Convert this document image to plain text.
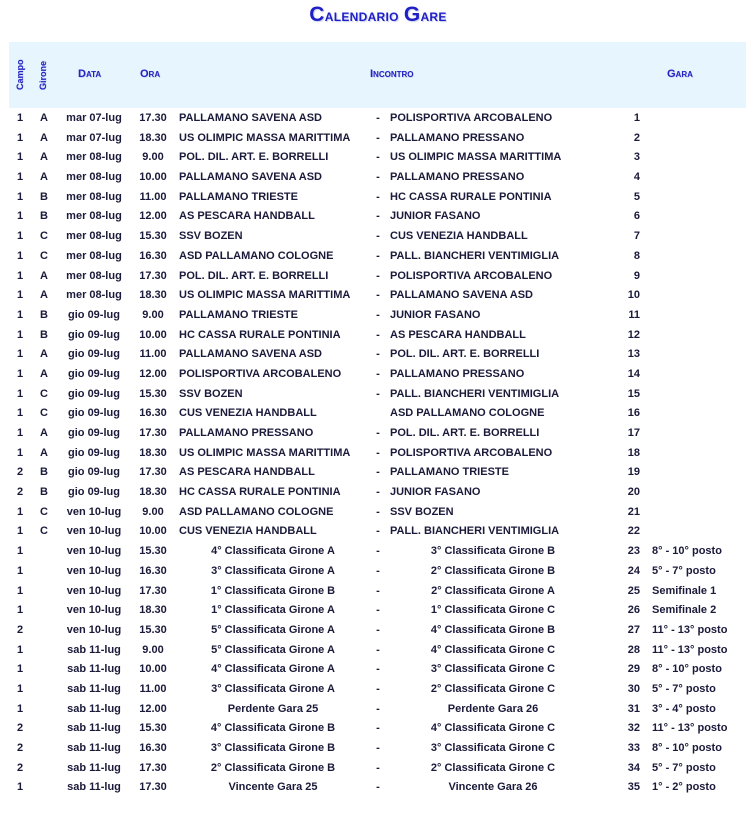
Calendario Gare
Campo Girone	Data	Ora	Incontro	Gara
1 A	mar 07-lug	17.30	PALLAMANO SAVENA ASD	- POLISPORTIVA ARCOBALENO	1
1 A	mar 07-lug	18.30	US OLIMPIC MASSA MARITTIMA	- PALLAMANO PRESSANO	2
1 A	mer 08-lug	9.00	POL. DIL. ART. E. BORRELLI	- US OLIMPIC MASSA MARITTIMA	3
1 A	mer 08-lug	10.00	PALLAMANO SAVENA ASD	- PALLAMANO PRESSANO	4
1 B	mer 08-lug	11.00	PALLAMANO TRIESTE	- HC CASSA RURALE PONTINIA	5
1 B	mer 08-lug	12.00	AS PESCARA HANDBALL	- JUNIOR FASANO	6
1 C	mer 08-lug	15.30	SSV BOZEN	- CUS VENEZIA HANDBALL	7
1 C	mer 08-lug	16.30	ASD PALLAMANO COLOGNE	- PALL. BIANCHERI VENTIMIGLIA	8
1 A	mer 08-lug	17.30	POL. DIL. ART. E. BORRELLI	- POLISPORTIVA ARCOBALENO	9
1 A	mer 08-lug	18.30	US OLIMPIC MASSA MARITTIMA	- PALLAMANO SAVENA ASD	10
1 B	gio 09-lug	9.00	PALLAMANO TRIESTE	- JUNIOR FASANO	11
1 B	gio 09-lug	10.00	HC CASSA RURALE PONTINIA	- AS PESCARA HANDBALL	12
1 A	gio 09-lug	11.00	PALLAMANO SAVENA ASD	- POL. DIL. ART. E. BORRELLI	13
1 A	gio 09-lug	12.00	POLISPORTIVA ARCOBALENO	- PALLAMANO PRESSANO	14
1 C	gio 09-lug	15.30	SSV BOZEN	- PALL. BIANCHERI VENTIMIGLIA	15
1 C	gio 09-lug	16.30	CUS VENEZIA HANDBALL	ASD PALLAMANO COLOGNE	16
1 A	gio 09-lug	17.30	PALLAMANO PRESSANO	- POL. DIL. ART. E. BORRELLI	17
1 A	gio 09-lug	18.30	US OLIMPIC MASSA MARITTIMA	- POLISPORTIVA ARCOBALENO	18
2 B	gio 09-lug	17.30	AS PESCARA HANDBALL	- PALLAMANO TRIESTE	19
2 B	gio 09-lug	18.30	HC CASSA RURALE PONTINIA	- JUNIOR FASANO	20
1 C	ven 10-lug	9.00	ASD PALLAMANO COLOGNE	- SSV BOZEN	21
1 C	ven 10-lug	10.00	CUS VENEZIA HANDBALL	- PALL. BIANCHERI VENTIMIGLIA	22
1	ven 10-lug	15.30	4° Classificata Girone A	-	3° Classificata Girone B	23 8° - 10° posto
1	ven 10-lug	16.30	3° Classificata Girone A	-	2° Classificata Girone B	24 5° - 7° posto
1	ven 10-lug	17.30	1° Classificata Girone B	-	2° Classificata Girone A	25 Semifinale 1
1	ven 10-lug	18.30	1° Classificata Girone A	-	1° Classificata Girone C	26 Semifinale 2
2	ven 10-lug	15.30	5° Classificata Girone A	-	4° Classificata Girone B	27 11° - 13° posto
1	sab 11-lug	9.00	5° Classificata Girone A	-	4° Classificata Girone C	28 11° - 13° posto
1	sab 11-lug	10.00	4° Classificata Girone A	-	3° Classificata Girone C	29 8° - 10° posto
1	sab 11-lug	11.00	3° Classificata Girone A	-	2° Classificata Girone C	30 5° - 7° posto
1	sab 11-lug	12.00	Perdente Gara 25	-	Perdente Gara 26	31 3° - 4° posto
2	sab 11-lug	15.30	4° Classificata Girone B	-	4° Classificata Girone C	32 11° - 13° posto
2	sab 11-lug	16.30	3° Classificata Girone B	-	3° Classificata Girone C	33 8° - 10° posto
2	sab 11-lug	17.30	2° Classificata Girone B	-	2° Classificata Girone C	34 5° - 7° posto
1	sab 11-lug	17.30	Vincente Gara 25	-	Vincente Gara 26	35 1° - 2° posto
